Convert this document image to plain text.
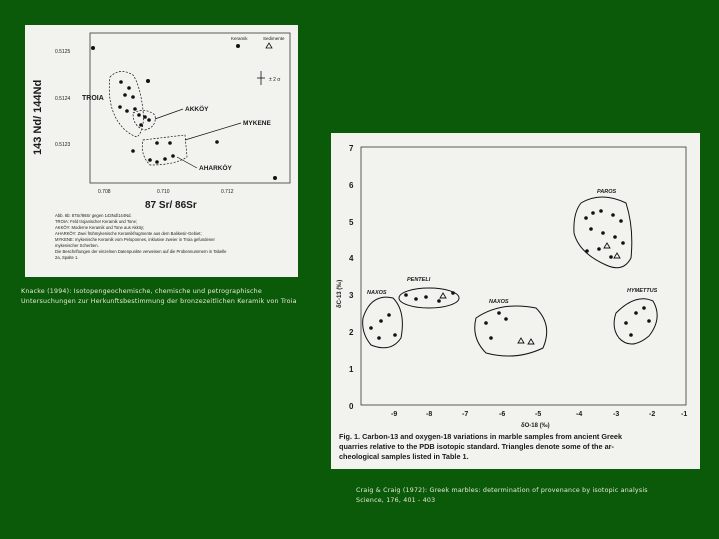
143 Nd/ 144Nd
0.5125
0.5124
0.5123
0.708	0.710	0.712
87 Sr/ 86Sr
Keramik	Sedimente
± 2 σ
TROIA
AKKÖY
MYKENE
AHARKÖY
Abb. 6b: 87Sr/86Sr gegen 143Nd/144Nd.
TROIA: Feld trojanischer Keramik und Tone;
AKKÖY: Moderne Keramik und Tone aus Akköy;
AHARKÖY: Zwei frühmykenische Keramikfragmente aus dem Balıkesir-Gebiet;
MYKENE: mykenische Keramik vom Peloponnes, inklusive zweier in Troia gefundener
mykenischer Scherben.
Die Beschriftungen der einzelnen Datenpunkte verweisen auf die Probennummern in Tabelle
2a, Spalte 1.
Knacke (1994): Isotopengeochemische, chemische und petrographische
Untersuchungen zur Herkunftsbestimmung der bronzezeitlichen Keramik von Troia
7
6
5
4
3
2
1
0
δC-13 (‰)
-9	-8	-7	-6	-5	-4	-3	-2	-1
δO-18 (‰)
PAROS
PENTELI
NAXOS
NAXOS
HYMETTUS
Fig. 1. Carbon-13 and oxygen-18 variations in marble samples from ancient Greek
quarries relative to the PDB isotopic standard. Triangles denote some of the ar-
cheological samples listed in Table 1.
Craig & Craig (1972): Greek marbles: determination of provenance by isotopic analysis
Science, 176, 401 - 403
